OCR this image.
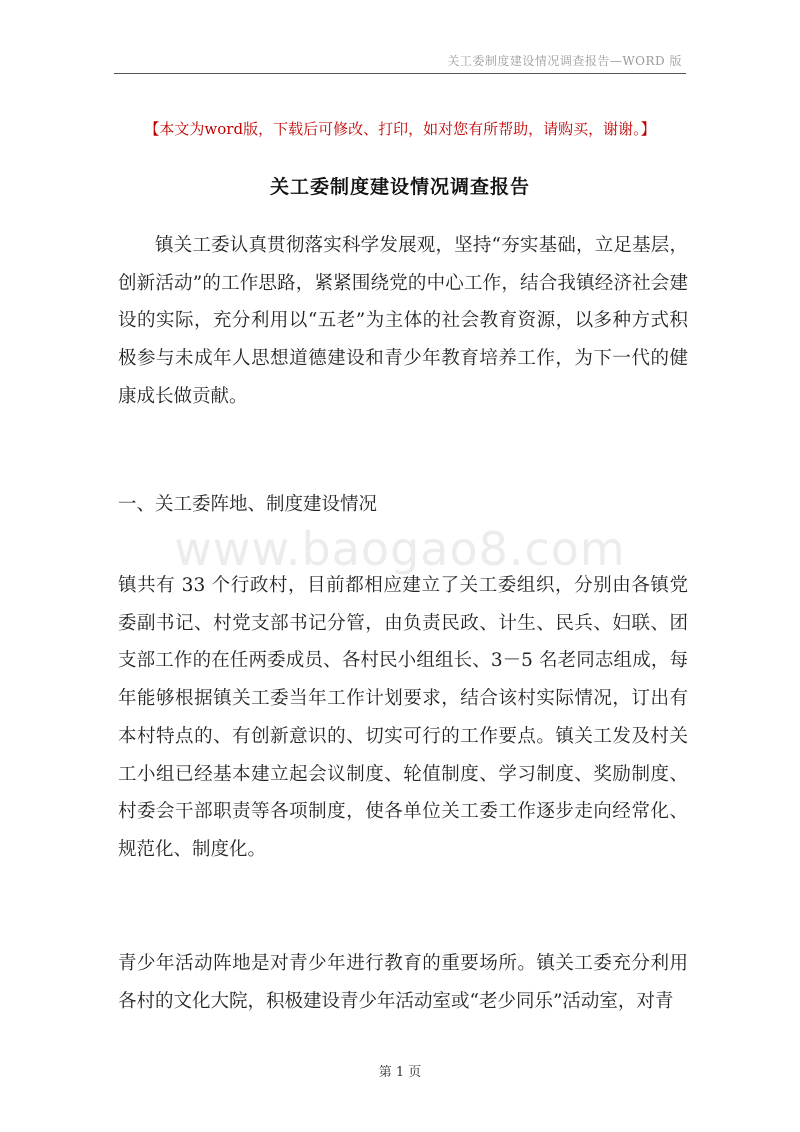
关工委制度建设情况调查报告—WORD 版
【本文为word版，下载后可修改、打印，如对您有所帮助，请购买，谢谢。】
关工委制度建设情况调查报告
镇关工委认真贯彻落实科学发展观，坚持“夯实基础，立足基层，创新活动”的工作思路，紧紧围绕党的中心工作，结合我镇经济社会建设的实际，充分利用以“五老”为主体的社会教育资源，以多种方式积极参与未成年人思想道德建设和青少年教育培养工作，为下一代的健康成长做贡献。
一、关工委阵地、制度建设情况
www.baogao8.com
镇共有 33 个行政村，目前都相应建立了关工委组织，分别由各镇党委副书记、村党支部书记分管，由负责民政、计生、民兵、妇联、团支部工作的在任两委成员、各村民小组组长、3－5 名老同志组成，每年能够根据镇关工委当年工作计划要求，结合该村实际情况，订出有本村特点的、有创新意识的、切实可行的工作要点。镇关工发及村关工小组已经基本建立起会议制度、轮值制度、学习制度、奖励制度、村委会干部职责等各项制度，使各单位关工委工作逐步走向经常化、规范化、制度化。
青少年活动阵地是对青少年进行教育的重要场所。镇关工委充分利用各村的文化大院，积极建设青少年活动室或“老少同乐”活动室，对青
第 1 页
